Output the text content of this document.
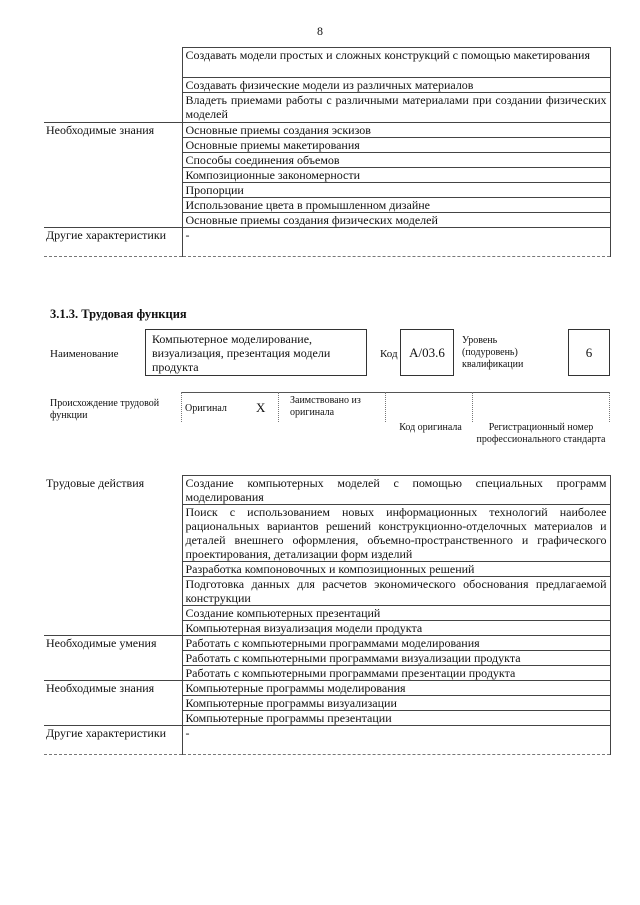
8
	Создавать модели простых и сложных конструкций с помощью макетирования
	Создавать физические модели из различных материалов
	Владеть приемами работы с различными материалами при создании физических моделей
Необходимые знания	Основные приемы создания эскизов
	Основные приемы макетирования
	Способы соединения объемов
	Композиционные закономерности
	Пропорции
	Использование цвета в промышленном дизайне
	Основные приемы создания физических моделей
Другие характеристики	-
3.1.3. Трудовая функция
Наименование
Компьютерное моделирование, визуализация, презентация модели продукта
Код A/03.6
Уровень (подуровень) квалификации
6
Происхождение трудовой функции
Оригинал X Заимствовано из оригинала
Код оригинала	Регистрационный номер профессионального стандарта
Трудовые действия	Создание компьютерных моделей с помощью специальных программ моделирования
	Поиск с использованием новых информационных технологий наиболее рациональных вариантов решений конструкционно-отделочных материалов и деталей внешнего оформления, объемно-пространственного и графического проектирования, детализации форм изделий
	Разработка компоновочных и композиционных решений
	Подготовка данных для расчетов экономического обоснования предлагаемой конструкции
	Создание компьютерных презентаций
	Компьютерная визуализация модели продукта
Необходимые умения	Работать с компьютерными программами моделирования
	Работать с компьютерными программами визуализации продукта
	Работать с компьютерными программами презентации продукта
Необходимые знания	Компьютерные программы моделирования
	Компьютерные программы визуализации
	Компьютерные программы презентации
Другие характеристики	-
